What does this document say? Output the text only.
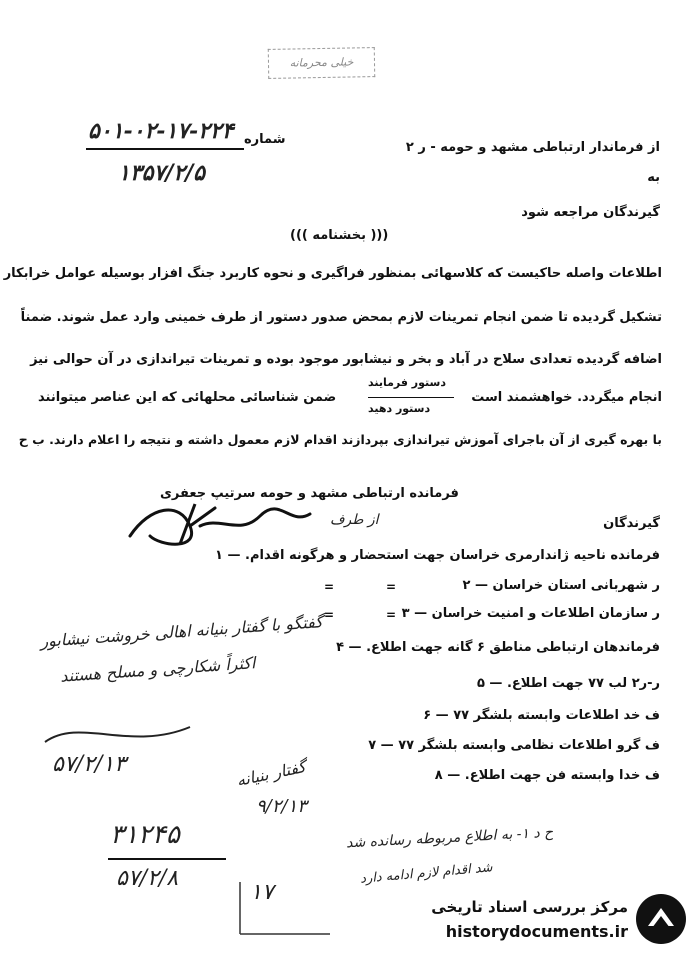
خیلی محرمانه
۵۰۱-۰۲-۱۷-۲۲۴ شماره
۱۳۵۷/۲/۵
از فرماندار ارتباطی مشهد و حومه - ر ۲
به
گیرندگان مراجعه شود
((( بخشنامه )))
اطلاعات واصله حاکیست که کلاسهائی بمنظور فراگیری و نحوه کاربرد جنگ افزار بوسیله عوامل خرابکار
تشکیل گردیده تا ضمن انجام تمرینات لازم بمحض صدور دستور از طرف خمینی وارد عمل شوند. ضمناً
اضافه گردیده تعدادی سلاح در آباد و بخر و نیشابور موجود بوده و تمرینات تیراندازی در آن حوالی نیز
انجام میگردد. خواهشمند است
دستور فرمایند
دستور دهید
ضمن شناسائی محلهائی که این عناصر میتوانند
با بهره گیری از آن باجرای آموزش تیراندازی بپردازند اقدام لازم معمول داشته و نتیجه را اعلام دارند. ب ح
فرمانده ارتباطی مشهد و حومه سرتیپ جعفری
از طرف	گیرندگان
۱ — فرمانده ناحیه ژاندارمری خراسان جهت استحضار و هرگونه اقدام.
۲ — ر شهربانی استان خراسان
=
=
۳ — ر سازمان اطلاعات و امنیت خراسان
=
=
۴ — فرماندهان ارتباطی مناطق ۶ گانه جهت اطلاع.
۵ — ر-ر۲ لب ۷۷ جهت اطلاع.
۶ — ف خد اطلاعات وابسته بلشگر ۷۷
۷ — ف گرو اطلاعات نظامی وابسته بلشگر ۷۷
۸ — ف خدا وابسته فن جهت اطلاع.
گفتگو با گفتار بنیانه اهالی خروشت نیشابور
اکثراً شکارچی و مسلح هستند
۵۷/۲/۱۳	گفتار بنیانه
۹/۲/۱۳
۳۱۲۴۵
۵۷/۲/۸
ح د ۱- به اطلاع مربوطه رسانده شد
شد اقدام لازم ادامه دارد
۱۷
مرکز بررسی اسناد تاریخی
historydocuments.ir
